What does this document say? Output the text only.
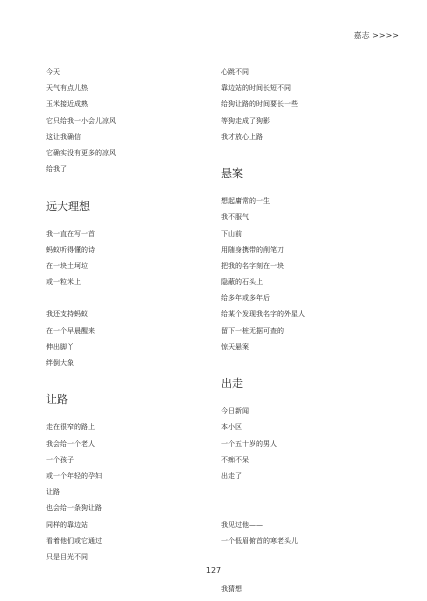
嘉志 >>>>
今天
天气有点儿热
玉米接近成熟
它只给我一小会儿凉风
这让我确信
它确实没有更多的凉风
给我了
远大理想
我一直在写一首
蚂蚁听得懂的诗
在一块土坷垃
或一粒米上
我还支持蚂蚁
在一个早晨醒来
伸出脚丫
绊倒大象
让路
走在很窄的路上
我会给一个老人
一个孩子
或一个年轻的孕妇
让路
也会给一条狗让路
同样的靠边站
看着他们或它通过
只是目光不同
心跳不同
靠边站的时间长短不同
给狗让路的时间要长一些
等狗走成了狗影
我才放心上路
悬案
想起庸常的一生
我不服气
下山前
用随身携带的削笔刀
把我的名字刻在一块
隐蔽的石头上
给多年或多年后
给某个发现我名字的外星人
留下一桩无据可查的
惊天悬案
出走
今日新闻
本小区
一个五十岁的男人
不痴不呆
出走了
我见过他——
一个低眉俯首的寒老头儿
我猜想
127
